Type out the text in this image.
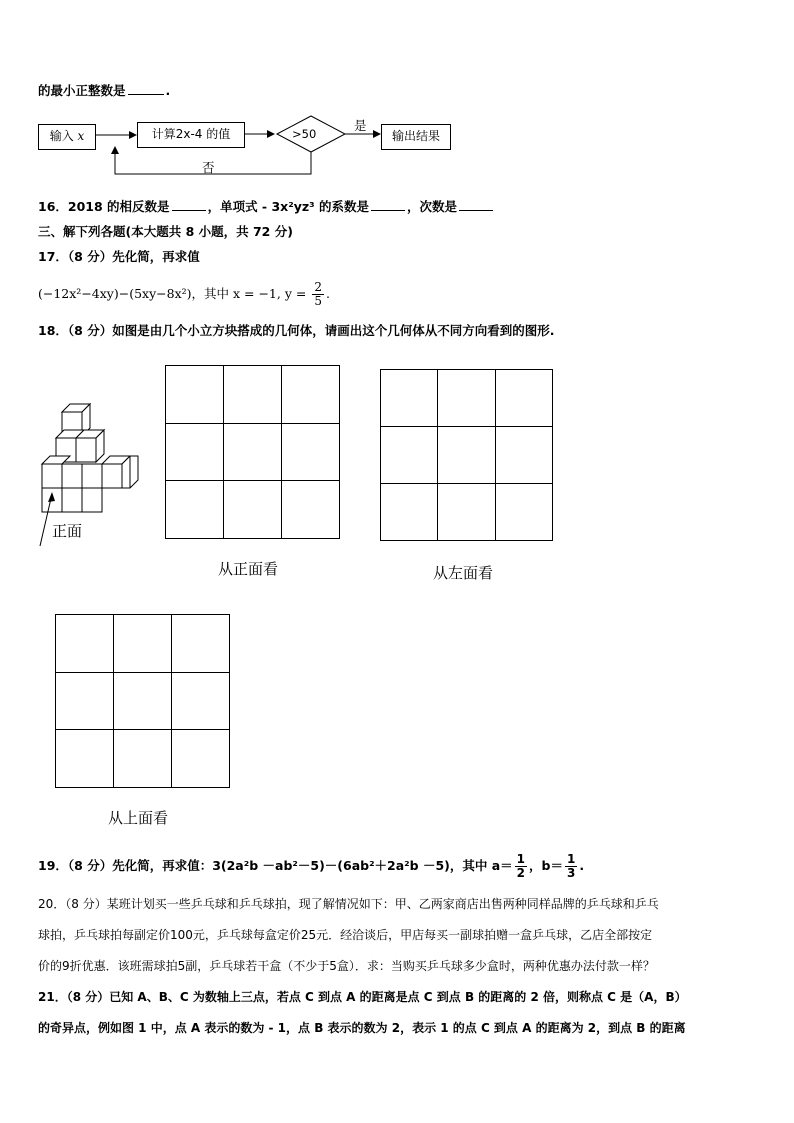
的最小正整数是	.
输入 x	计算2x-4 的值	输出结果
>50
是
否
16．2018 的相反数是	，单项式 - 3x²yz³ 的系数是	，次数是
三、解下列各题(本大题共 8 小题，共 72 分)
17．（8 分）先化简，再求值
(−12x²−4xy)−(5xy−8x²)，其中 x = −1, $y = \frac{2}{5}$ .
18．（8 分）如图是由几个小立方块搭成的几何体，请画出这个几何体从不同方向看到的图形.
正面

从正面看

			从左面看

从上面看
19．（8 分）先化简，再求值：3(2a²b －ab²－5)－(6ab²＋2a²b －5)，其中 $a= \frac{1}{2}$ ，$b= \frac{1}{3}$ .
20．（8 分）某班计划买一些乒乓球和乒乓球拍，现了解情况如下：甲、乙两家商店出售两种同样品牌的乒乓球和乒乓
球拍，乒乓球拍每副定价100元，乒乓球每盒定价25元．经洽谈后，甲店每买一副球拍赠一盒乒乓球，乙店全部按定
价的9折优惠．该班需球拍5副，乒乓球若干盒（不少于5盒）．求：当购买乒乓球多少盒时，两种优惠办法付款一样？
21．（8 分）已知 A、B、C 为数轴上三点，若点 C 到点 A 的距离是点 C 到点 B 的距离的 2 倍，则称点 C 是（A，B）
的奇异点，例如图 1 中，点 A 表示的数为 - 1，点 B 表示的数为 2，表示 1 的点 C 到点 A 的距离为 2，到点 B 的距离
